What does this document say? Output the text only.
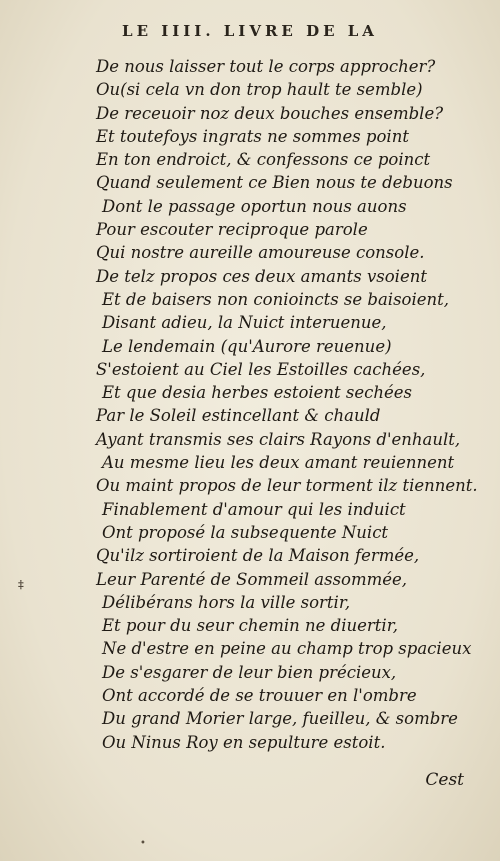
LE IIII. LIVRE DE LA
De nous laisser tout le corps approcher?
Ou(si cela vn don trop hault te semble)
De receuoir noz deux bouches ensemble?
Et toutefoys ingrats ne sommes point
En ton endroict, & confessons ce poinct
Quand seulement ce Bien nous te debuons
Dont le passage oportun nous auons
Pour escouter reciproque parole
Qui nostre aureille amoureuse console.
De telz propos ces deux amants vsoient
Et de baisers non conioincts se baisoient,
Disant adieu, la Nuict interuenue,
Le lendemain (qu'Aurore reuenue)
S'estoient au Ciel les Estoilles cachées,
Et que desia herbes estoient sechées
Par le Soleil estincellant & chauld
Ayant transmis ses clairs Rayons d'enhault,
Au mesme lieu les deux amant reuiennent
Ou maint propos de leur torment ilz tiennent.
Finablement d'amour qui les induict
Ont proposé la subsequente Nuict
Qu'ilz sortiroient de la Maison fermée,
Leur Parenté de Sommeil assommée,
Délibérans hors la ville sortir,
Et pour du seur chemin ne diuertir,
Ne d'estre en peine au champ trop spacieux
De s'esgarer de leur bien précieux,
Ont accordé de se trouuer en l'ombre
Du grand Morier large, fueilleu, & sombre
Ou Ninus Roy en sepulture estoit.
‡
Cest
•
